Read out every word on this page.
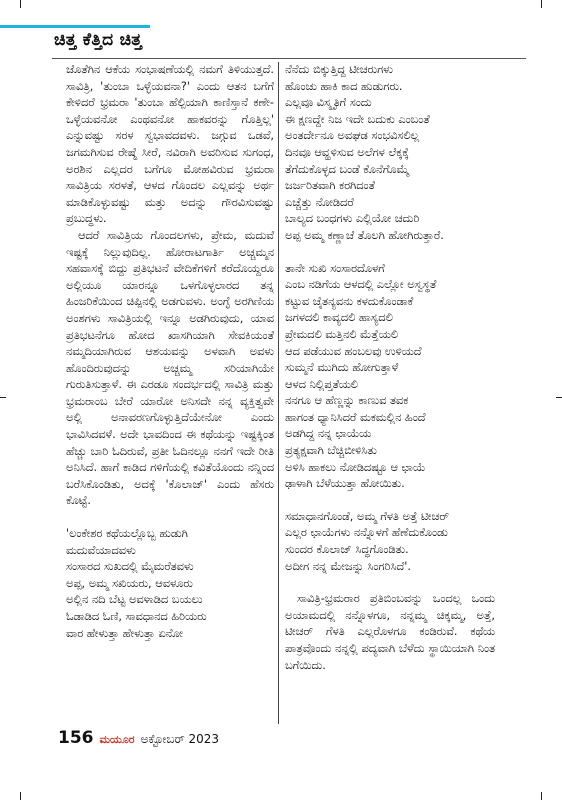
ಚಿತ್ತ ಕೆತ್ತಿದ ಚಿತ್ತ

ಜೊತೆಗಿನ ಆಕೆಯ ಸಂಭಾಷಣೆಯಲ್ಲಿ ನಮಗೆ ತಿಳಿಯುತ್ತದೆ. ಸಾವಿತ್ರಿ, 'ತುಂಬಾ ಒಳ್ಳೆಯವನಾ?' ಎಂದು ಆತನ ಬಗೆಗೆ ಕೇಳಿದರೆ ಭ್ರಮರಾ 'ತುಂಬಾ ಹೆಲ್ಪಿಯಾಗಿ ಕಾಣಿಸ್ತಾನೆ ಕಣೇ- ಒಳ್ಳೆಯವನೋ ಎಂಥವನೋ ಹಾಕವರನ್ನು ಗೊತ್ತಿಲ್ಲ' ಎನ್ನುವಷ್ಟು ಸರಳ ಸ್ವಭಾವದವಳು. ಜಗ್ಗುವ ಒಡವೆ, ಜಗಮಗಿಸುವ ರೇಷ್ಮೆ ಸೀರೆ, ನವಿರಾಗಿ ಅವರಿಸುವ ಸುಗಂಧ, ಅರಶಿನ ಎಲ್ಲದರ ಬಗೆಗೂ ಮೋಹವಿರುವ ಭ್ರಮರಾ ಸಾವಿತ್ರಿಯ ಸರಳತೆ, ಆಳದ ಗೊಂದಲ ಎಲ್ಲವನ್ನು ಅರ್ಥ ಮಾಡಿಕೊಳ್ಳುವಷ್ಟು ಮತ್ತು ಅದನ್ನು ಗೌರವಿಸುವಷ್ಟು ಪ್ರಬುದ್ಧಳು.

ಆದರೆ ಸಾವಿತ್ರಿಯ ಗೊಂದಲಗಳು, ಪ್ರೇಮ, ಮದುವೆ ಇಷ್ಟಕ್ಕೆ ನಿಲ್ಲುವುದಿಲ್ಲ. ಹೋರಾಟಗಾರ್ತಿ ಅಚ್ಚಮ್ಮನ ಸಹವಾಸಕ್ಕೆ ಬಿದ್ದು ಪ್ರತಿಭಟನೆ ವೇದಿಕೆಗಳಿಗೆ ಕರೆದೊಯ್ದರೂ ಅಲ್ಲಿಯೂ ಯಾರನ್ನೂ ಒಳಗೊಳ್ಳಲಾರದ ತನ್ನ ಹಿಂಜರಿಕೆಯಿಂದ ಚಿಪ್ಪಿನಲ್ಲಿ ಅಡಗುವಳು. ಅಂಗ್ಳೆ ಅರಗಿಣಿಯ ಅಂಶಗಳು ಸಾವಿತ್ರಿಯಲ್ಲಿ ಇನ್ನೂ ಅಡಗಿರುವುದು, ಯಾವ ಪ್ರತಿಭಟನೆಗೂ ಹೋದ ಖಾಸಗಿಯಾಗಿ ಸೇವಕಿಯಂತೆ ನಮ್ಮದಿಯಾಗಿರುವ ಆಶಯವನ್ನು ಅಳವಾಗಿ ಅವಳು ಹೊಂದಿರುವುದನ್ನು ಅಚ್ಚಮ್ಮ ಸರಿಯಾಗಿಯೇ ಗುರುತಿಸುತ್ತಾಳೆ. ಈ ಎರಡೂ ಸಂದರ್ಭದಲ್ಲಿ ಸಾವಿತ್ರಿ ಮತ್ತು ಭ್ರಮರಾಂಬ ಬೇರೆ ಯಾರೋ ಅನಿಸದೇ ನನ್ನ ವ್ಯಕ್ತಿತ್ವವೇ ಅಲ್ಲಿ ಅನಾವರಣಗೊಳ್ಳುತ್ತಿದೆಯೇನೋ ಎಂದು ಭಾವಿಸಿದವಳೆ. ಅದೇ ಭಾವದಿಂದ ಈ ಕಥೆಯನ್ನು ಇಷ್ಟಕ್ಕಿಂತ ಹೆಚ್ಚು ಬಾರಿ ಓದಿರುವೆ, ಪ್ರತೀ ಓದಿನಲ್ಲೂ ನನಗೆ ಇದೇ ರೀತಿ ಅನಿಸಿದೆ. ಹಾಗೆ ಕಾಡಿದ ಗಳಿಗೆಯಲ್ಲಿ ಕವಿತೆಯೊಂದು ನನ್ನಿಂದ ಬರೆಸಿಕೊಂಡಿತು, ಅದಕ್ಕೆ 'ಕೊಲಾಜ್' ಎಂದು ಹೆಸರು ಕೊಟ್ಟೆ.

'ಲಂಕೇಶರ ಕಥೆಯಲ್ಲೊಬ್ಬ ಹುಡುಗಿ

ಮದುವೆಯಾದವಳು

ಸಂಸಾರದ ಸುಖದಲ್ಲಿ ಮೈಮರೆತವಳು

ಅಪ್ಪ, ಅಮ್ಮ ಸಖಿಯರು, ಆವಳೂರು

ಅಲ್ಲಿನ ನದಿ ಬೆಟ್ಟ ಅವಳಾಡಿದ ಬಯಲು

ಓಡಾಡಿದ ಓಣಿ, ಸಾವಧಾನದ ಹಿರಿಯರು

ವಾರ ಹೇಳುತ್ತಾ ಹೇಳುತ್ತಾ ಏನೋ

ನೆನೆದು ಬಿಕ್ಕುತ್ತಿದ್ದ ಟೀಚರುಗಳು

ಹೊಂಚು ಹಾಕಿ ಕಾದ ಹುಡುಗರು.

ಎಲ್ಲವೂ ವಿಸ್ಮೃತಿಗೆ ಸಂದು

ಈ ಕ್ಷಣದ್ದೇ ನಿಜ ಇದೇ ಬದುಕು ಎಂಬಂತೆ

ಅಂತರ್ದೇನೂ ಅವಘಡ ಸಂಭವಿಸಲಿಲ್ಲ

ದಿನವೂ ಆವ್ಹಳಿಸುವ ಅಲೆಗಳ ಲೆಕ್ಕಕ್ಕೆ

ತೆಗೆದುಕೊಳ್ಳದ ಬಂಡೆ ಕೊನೆಗೊಮ್ಮೆ

ಜರ್ಜರಿತವಾಗಿ ಕರಗಿದಂತೆ

ಎಚ್ಚೆತ್ತು ನೋಡಿದರೆ

ಬಾಲ್ಯದ ಬಂಧಗಳು ಎಲ್ಲಿಯೋ ಚದುರಿ

ಅಪ್ಪ ಅಮ್ಮ ಕಣ್ಣಾಚೆ ತೊಲಗಿ ಹೋಗಿರುತ್ತಾರೆ.

ತಾನೇ ಸುಖಿ ಸಂಸಾರದೊಳಗೆ

ಎಂಬ ನಡಿಗೆಯ ಆಳದಲ್ಲಿ ಎಲ್ಲೋ ಅಸ್ವಸ್ಥತೆ

ಕಟ್ಟುವ ಚೈತನ್ಯವನು ಕಳದುಕೊಂಡಾಕೆ

ಜಗಳದಲಿ ಕಾವ್ಯದಲಿ ಹಾಸ್ಯದಲಿ

ಪ್ರೇಮದಲಿ ಮತ್ತಿನಲಿ ಮೆತ್ತೆಯಲಿ

ಆದ ಪಡೆಯುವ ಹಂಬಲವು ಉಳಿಯದೆ

ಸುಮ್ಮನೆ ಮುಗಿದು ಹೋಗುತ್ತಾಳೆ

ಆಳದ ನಿಲ್ಲಿಪ್ತತೆಯಲಿ

ನನಗೂ ಆ ಹೆಣ್ಣನ್ನು ಕಾಣುವ ತವಕ

ಹಾಗಂತ ಧ್ಯಾನಿಸಿದರೆ ಮಕಮಲ್ಲಿನ ಹಿಂದೆ

ಅಡಗಿದ್ದ ನನ್ನ ಛಾಯೆಯ

ಪ್ರತ್ಯಕ್ಷವಾಗಿ ಬೆಚ್ಚಿಬೀಳಿಸಿತು

ಅಳಿಸಿ ಹಾಕಲು ನೋಡಿದಷ್ಟೂ ಆ ಛಾಯೆ

ಢಾಳಾಗಿ ಬೆಳೆಯುತ್ತಾ ಹೋಯಿತು.

ಸಮಾಧಾನಗೊಂಡೆ, ಅಮ್ಮ ಗೆಳತಿ ಅತ್ತೆ ಟೀಚರ್

ಎಲ್ಲರ ಛಾಯೆಗಳು ನನ್ನೊಳಗೆ ಹೆಣೆದುಕೊಂಡು

ಸುಂದರ ಕೊಲಾಜ್ ಸಿದ್ಧಗೊಂಡಿತು.

ಅದೀಗ ನನ್ನ ಮೇಜನ್ನು ಸಿಂಗರಿಸಿದೆ'.

ಸಾವಿತ್ರಿ-ಭ್ರಮರಾರ ಪ್ರತಿಬಿಂಬವನ್ನು ಒಂದಲ್ಲ ಒಂದು ಅಯಾಮದಲ್ಲಿ ನನ್ನೊಳಗೂ, ನನ್ನಮ್ಮ ಚಿಕ್ಕಮ್ಮ, ಅತ್ತೆ, ಟೀಚರ್ ಗೆಳತಿ ಎಲ್ಲರೊಳಗೂ ಕಂಡಿರುವೆ. ಕಥೆಯ ಪಾತ್ರವೊಂದು ನನ್ನಲ್ಲಿ ಪದ್ಯವಾಗಿ ಬೆಳೆದು ಸ್ಥಾಯಿಯಾಗಿ ನಿಂತ ಬಗೆಯಿದು.

156 ಮಯೂರ ಅಕ್ಟೋಬರ್ 2023
